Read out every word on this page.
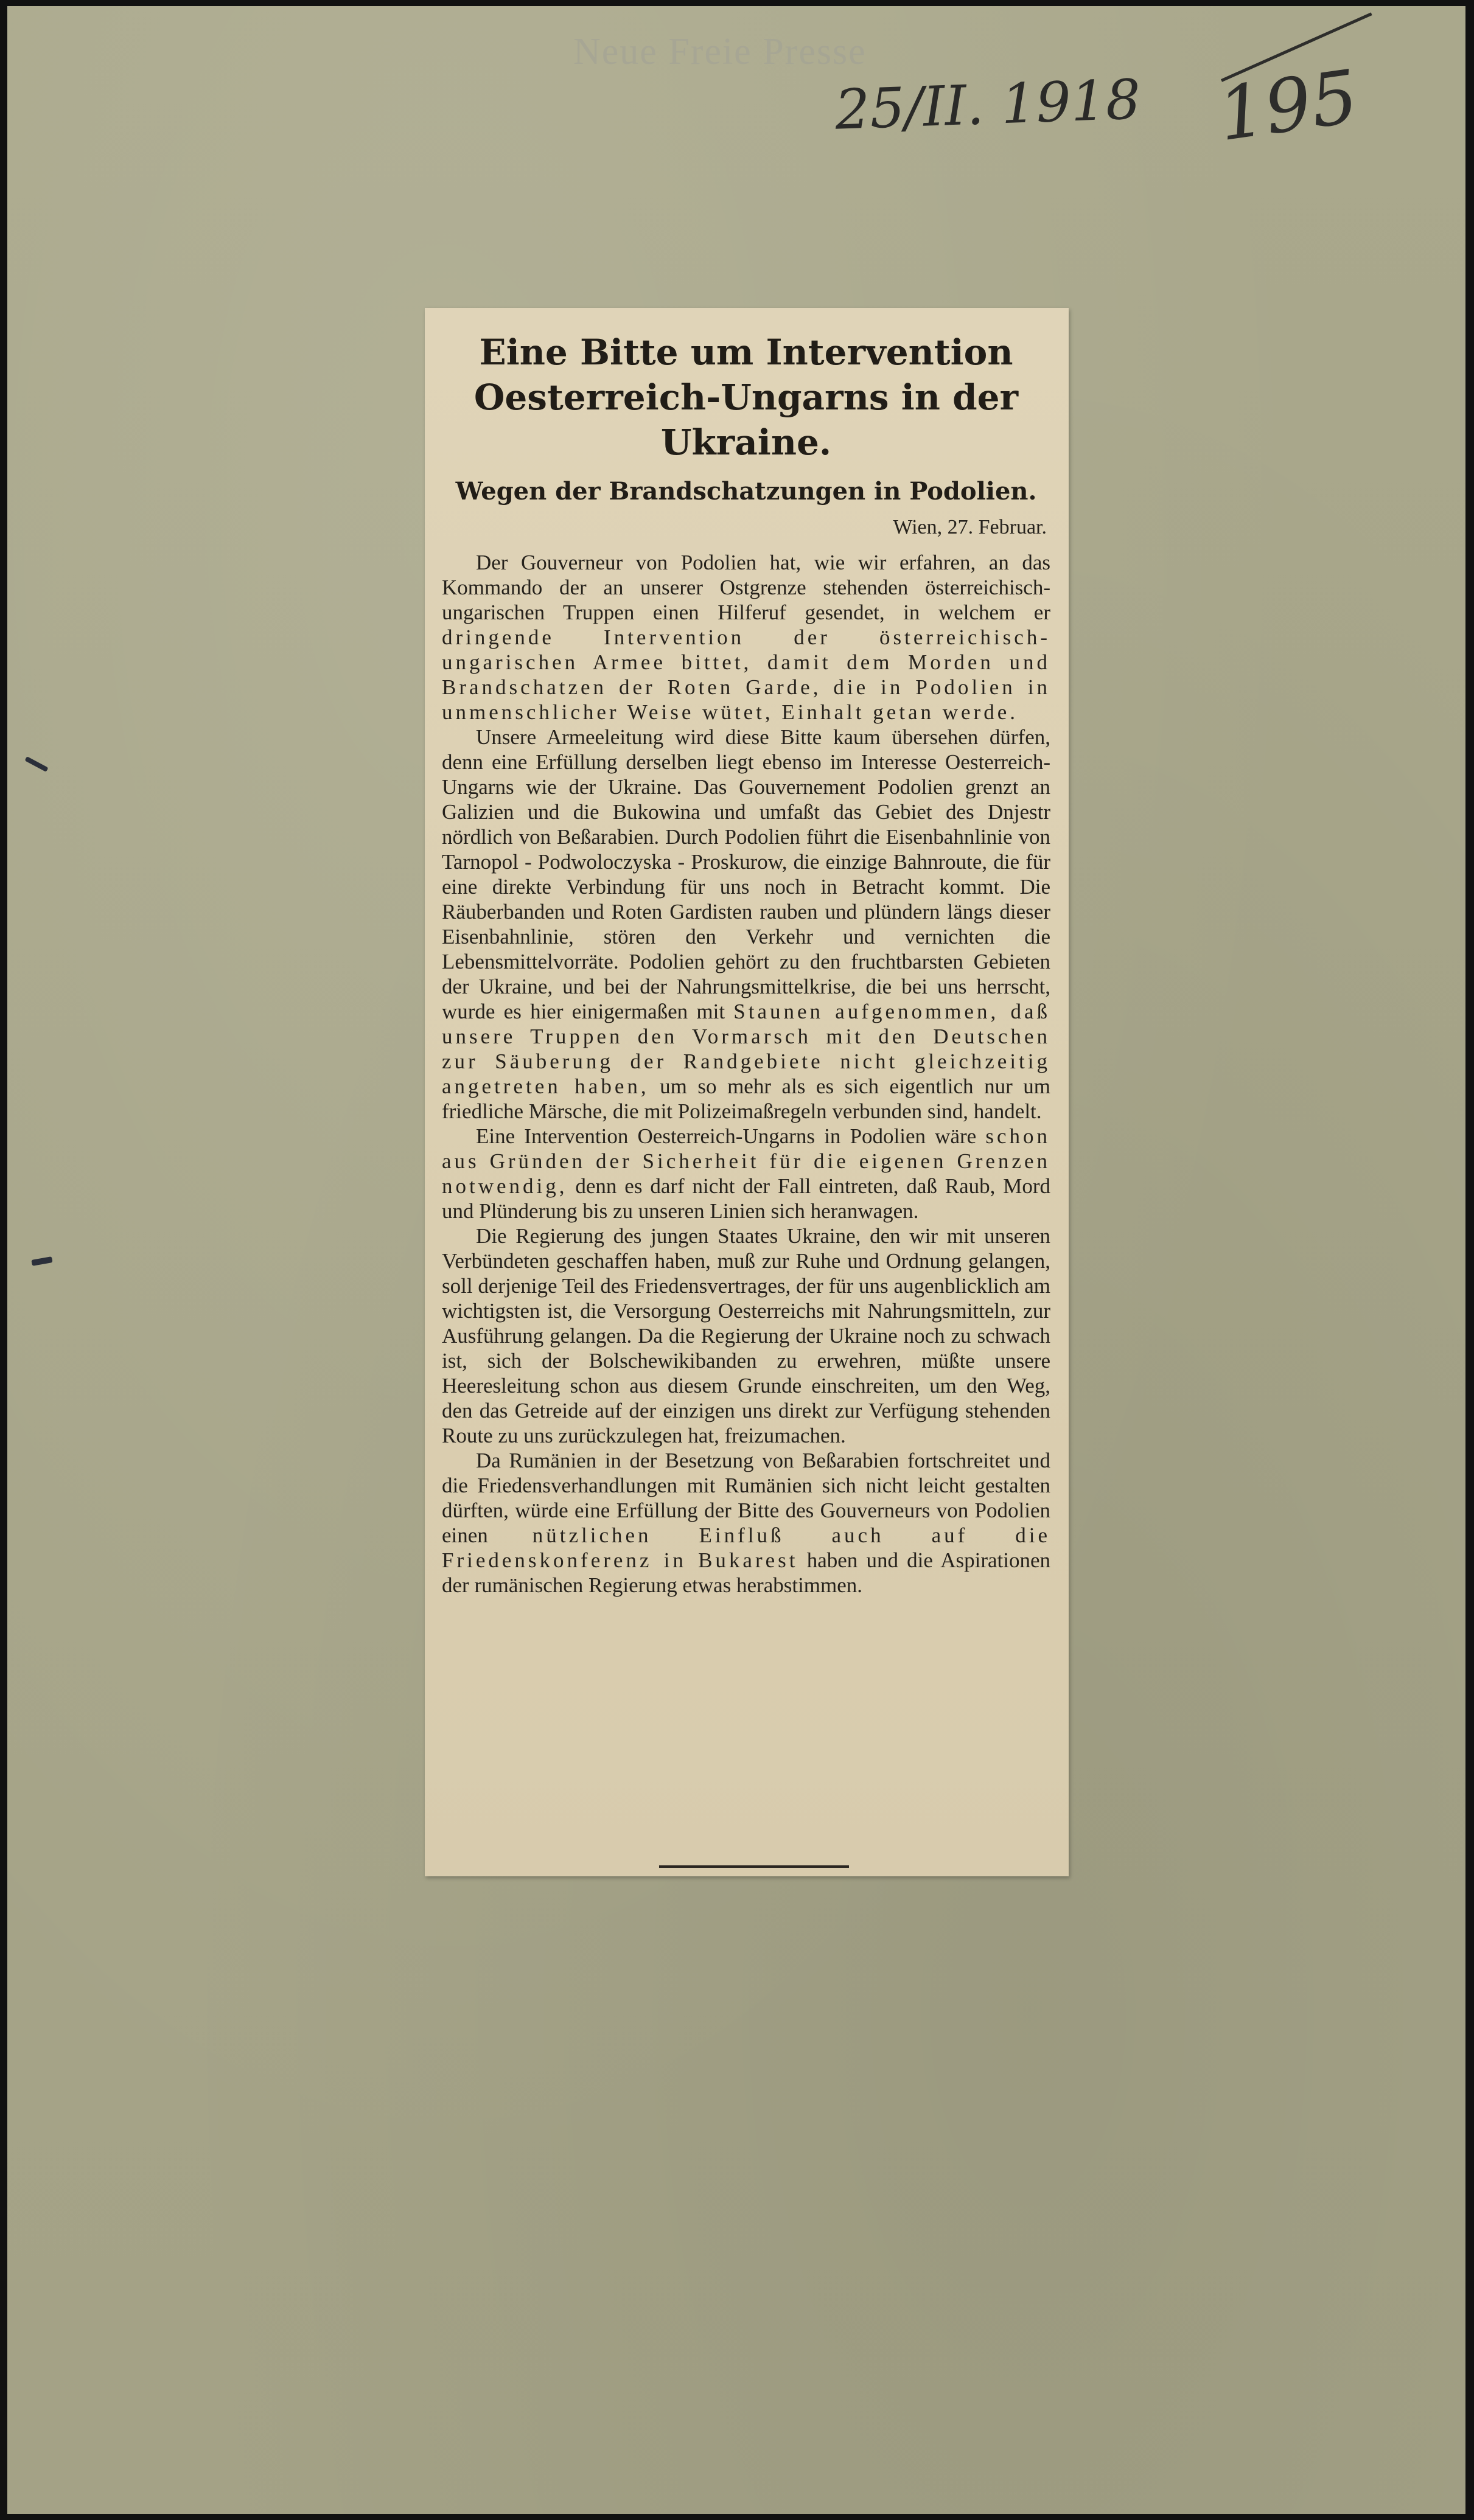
Neue Freie Presse
25/II. 1918 195
Eine Bitte um Intervention Oesterreich-Ungarns in der Ukraine.
Wegen der Brandschatzungen in Podolien.
Wien, 27. Februar.

Der Gouverneur von Podolien hat, wie wir erfahren, an das Kommando der an unserer Ostgrenze stehenden österreichisch-ungarischen Truppen einen Hilferuf gesendet, in welchem er dringende Intervention der österreichisch-ungarischen Armee bittet, damit dem Morden und Brandschatzen der Roten Garde, die in Podolien in unmenschlicher Weise wütet, Einhalt getan werde.

Unsere Armeeleitung wird diese Bitte kaum übersehen dürfen, denn eine Erfüllung derselben liegt ebenso im Interesse Oesterreich-Ungarns wie der Ukraine. Das Gouvernement Podolien grenzt an Galizien und die Bukowina und umfaßt das Gebiet des Dnjestr nördlich von Beßarabien. Durch Podolien führt die Eisenbahnlinie von Tarnopol - Podwoloczyska - Proskurow, die einzige Bahnroute, die für eine direkte Verbindung für uns noch in Betracht kommt. Die Räuberbanden und Roten Gardisten rauben und plündern längs dieser Eisenbahnlinie, stören den Verkehr und vernichten die Lebensmittelvorräte. Podolien gehört zu den fruchtbarsten Gebieten der Ukraine, und bei der Nahrungsmittelkrise, die bei uns herrscht, wurde es hier einigermaßen mit Staunen aufgenommen, daß unsere Truppen den Vormarsch mit den Deutschen zur Säuberung der Randgebiete nicht gleichzeitig angetreten haben, um so mehr als es sich eigentlich nur um friedliche Märsche, die mit Polizeimaßregeln verbunden sind, handelt.

Eine Intervention Oesterreich-Ungarns in Podolien wäre schon aus Gründen der Sicherheit für die eigenen Grenzen notwendig, denn es darf nicht der Fall eintreten, daß Raub, Mord und Plünderung bis zu unseren Linien sich heranwagen.

Die Regierung des jungen Staates Ukraine, den wir mit unseren Verbündeten geschaffen haben, muß zur Ruhe und Ordnung gelangen, soll derjenige Teil des Friedensvertrages, der für uns augenblicklich am wichtigsten ist, die Versorgung Oesterreichs mit Nahrungsmitteln, zur Ausführung gelangen. Da die Regierung der Ukraine noch zu schwach ist, sich der Bolschewikibanden zu erwehren, müßte unsere Heeresleitung schon aus diesem Grunde einschreiten, um den Weg, den das Getreide auf der einzigen uns direkt zur Verfügung stehenden Route zu uns zurückzulegen hat, freizumachen.

Da Rumänien in der Besetzung von Beßarabien fortschreitet und die Friedensverhandlungen mit Rumänien sich nicht leicht gestalten dürften, würde eine Erfüllung der Bitte des Gouverneurs von Podolien einen nützlichen Einfluß auch auf die Friedenskonferenz in Bukarest haben und die Aspirationen der rumänischen Regierung etwas herabstimmen.
